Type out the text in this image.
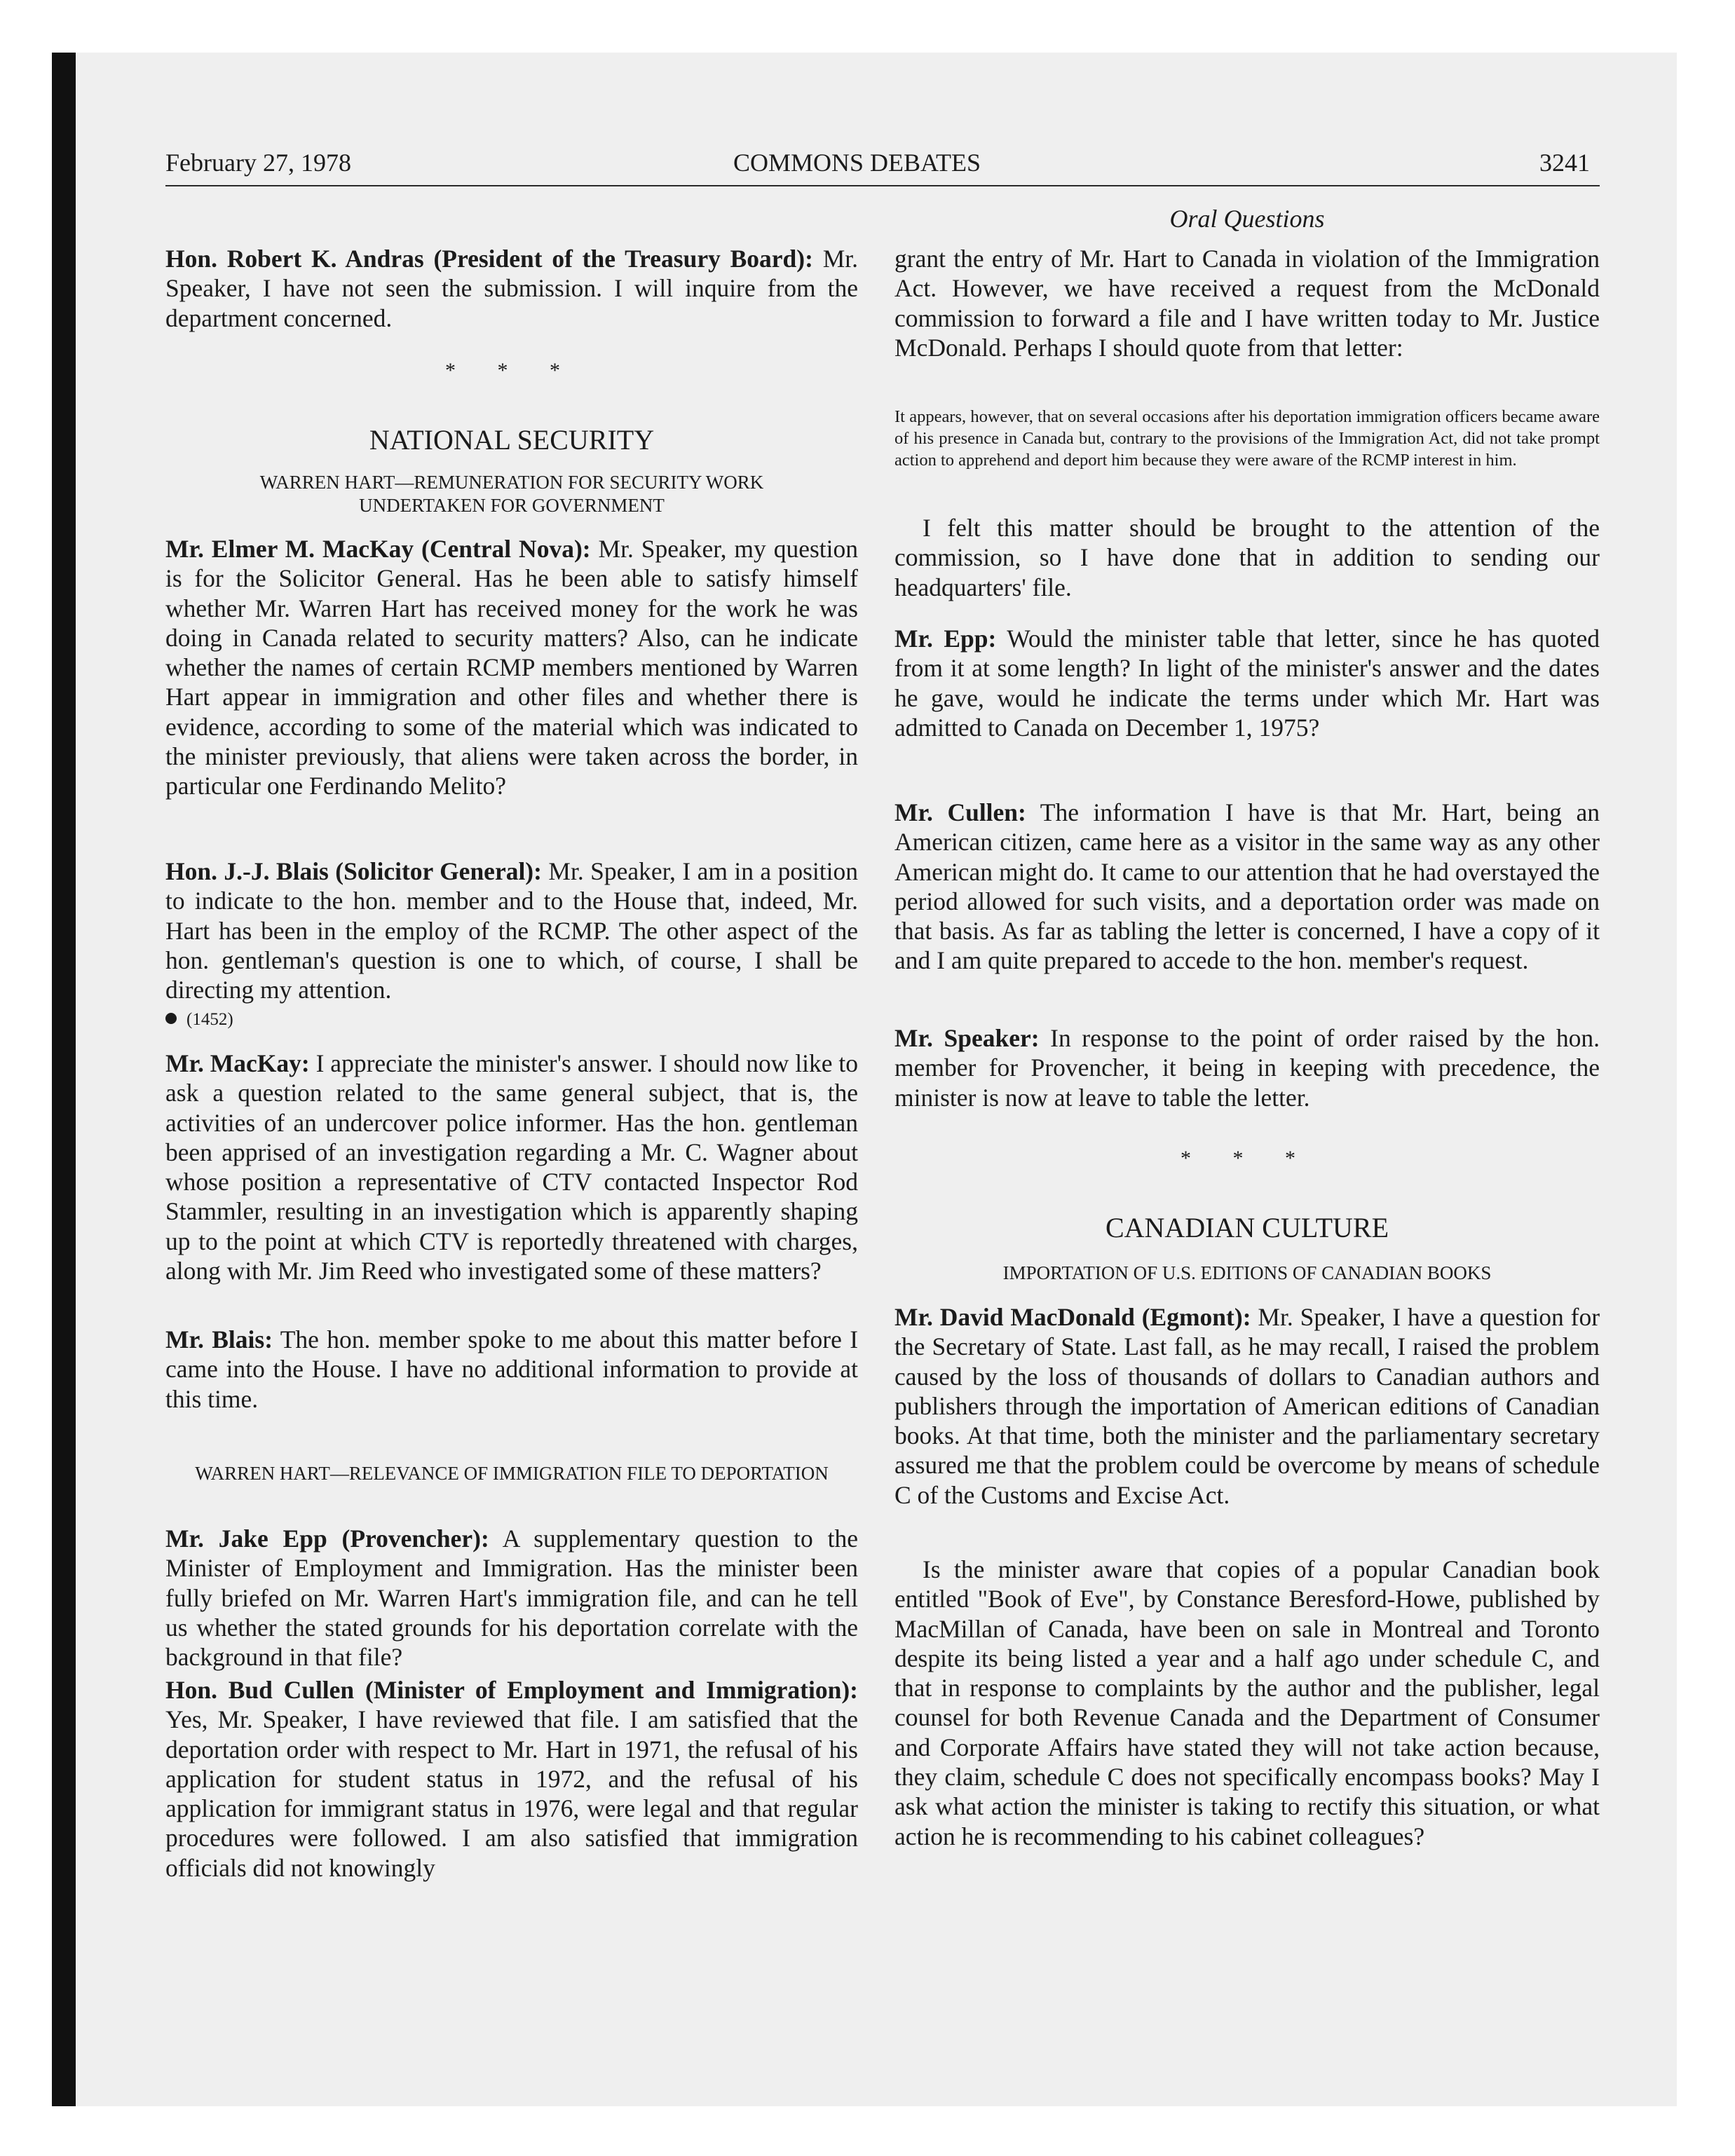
February 27, 1978	COMMONS DEBATES	3241

Hon. Robert K. Andras (President of the Treasury Board): Mr. Speaker, I have not seen the submission. I will inquire from the department concerned.

* * *
NATIONAL SECURITY
WARREN HART—REMUNERATION FOR SECURITY WORK UNDERTAKEN FOR GOVERNMENT

Mr. Elmer M. MacKay (Central Nova): Mr. Speaker, my question is for the Solicitor General. Has he been able to satisfy himself whether Mr. Warren Hart has received money for the work he was doing in Canada related to security matters? Also, can he indicate whether the names of certain RCMP members mentioned by Warren Hart appear in immigration and other files and whether there is evidence, according to some of the material which was indicated to the minister previously, that aliens were taken across the border, in particular one Ferdinando Melito?

Hon. J.-J. Blais (Solicitor General): Mr. Speaker, I am in a position to indicate to the hon. member and to the House that, indeed, Mr. Hart has been in the employ of the RCMP. The other aspect of the hon. gentleman's question is one to which, of course, I shall be directing my attention.

(1452)

Mr. MacKay: I appreciate the minister's answer. I should now like to ask a question related to the same general subject, that is, the activities of an undercover police informer. Has the hon. gentleman been apprised of an investigation regarding a Mr. C. Wagner about whose position a representative of CTV contacted Inspector Rod Stammler, resulting in an investigation which is apparently shaping up to the point at which CTV is reportedly threatened with charges, along with Mr. Jim Reed who investigated some of these matters?

Mr. Blais: The hon. member spoke to me about this matter before I came into the House. I have no additional information to provide at this time.

WARREN HART—RELEVANCE OF IMMIGRATION FILE TO DEPORTATION

Mr. Jake Epp (Provencher): A supplementary question to the Minister of Employment and Immigration. Has the minister been fully briefed on Mr. Warren Hart's immigration file, and can he tell us whether the stated grounds for his deportation correlate with the background in that file?

Hon. Bud Cullen (Minister of Employment and Immigration): Yes, Mr. Speaker, I have reviewed that file. I am satisfied that the deportation order with respect to Mr. Hart in 1971, the refusal of his application for student status in 1972, and the refusal of his application for immigrant status in 1976, were legal and that regular procedures were followed. I am also satisfied that immigration officials did not knowingly

Oral Questions

grant the entry of Mr. Hart to Canada in violation of the Immigration Act. However, we have received a request from the McDonald commission to forward a file and I have written today to Mr. Justice McDonald. Perhaps I should quote from that letter:

It appears, however, that on several occasions after his deportation immigration officers became aware of his presence in Canada but, contrary to the provisions of the Immigration Act, did not take prompt action to apprehend and deport him because they were aware of the RCMP interest in him.

I felt this matter should be brought to the attention of the commission, so I have done that in addition to sending our headquarters' file.

Mr. Epp: Would the minister table that letter, since he has quoted from it at some length? In light of the minister's answer and the dates he gave, would he indicate the terms under which Mr. Hart was admitted to Canada on December 1, 1975?

Mr. Cullen: The information I have is that Mr. Hart, being an American citizen, came here as a visitor in the same way as any other American might do. It came to our attention that he had overstayed the period allowed for such visits, and a deportation order was made on that basis. As far as tabling the letter is concerned, I have a copy of it and I am quite prepared to accede to the hon. member's request.

Mr. Speaker: In response to the point of order raised by the hon. member for Provencher, it being in keeping with precedence, the minister is now at leave to table the letter.

* * *
CANADIAN CULTURE
IMPORTATION OF U.S. EDITIONS OF CANADIAN BOOKS

Mr. David MacDonald (Egmont): Mr. Speaker, I have a question for the Secretary of State. Last fall, as he may recall, I raised the problem caused by the loss of thousands of dollars to Canadian authors and publishers through the importation of American editions of Canadian books. At that time, both the minister and the parliamentary secretary assured me that the problem could be overcome by means of schedule C of the Customs and Excise Act.

Is the minister aware that copies of a popular Canadian book entitled "Book of Eve", by Constance Beresford-Howe, published by MacMillan of Canada, have been on sale in Montreal and Toronto despite its being listed a year and a half ago under schedule C, and that in response to complaints by the author and the publisher, legal counsel for both Revenue Canada and the Department of Consumer and Corporate Affairs have stated they will not take action because, they claim, schedule C does not specifically encompass books? May I ask what action the minister is taking to rectify this situation, or what action he is recommending to his cabinet colleagues?
